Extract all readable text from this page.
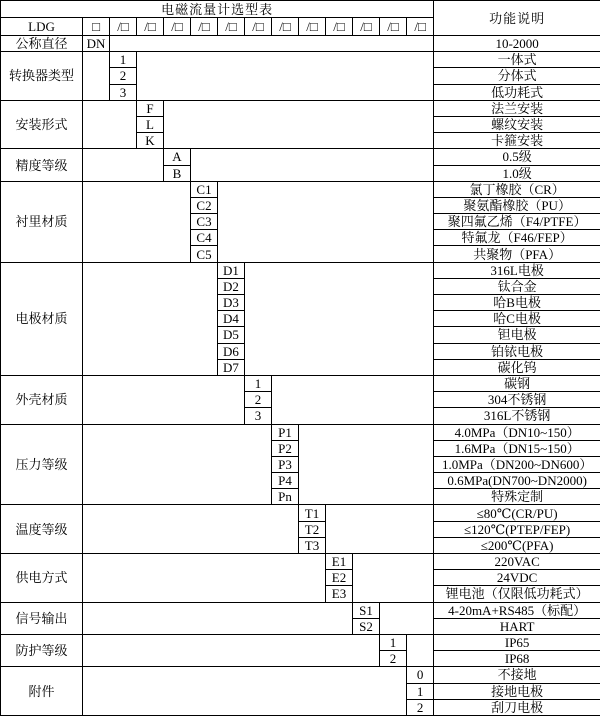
电磁流量计选型表														功能说明
LDG	□	/□	/□	/□	/□	/□	/□	/□	/□	/□	/□	/□	/□	
公称直径	DN													10-2000
转换器类型		1												一体式
		2												分体式
		3												低功耗式
安装形式			F											法兰安装
			L											螺纹安装
			K											卡箍安装
精度等级				A										0.5级
				B										1.0级
衬里材质					C1									氯丁橡胶（CR）
					C2									聚氨酯橡胶（PU）
					C3									聚四氟乙烯（F4/PTFE）
					C4									特氟龙（F46/FEP）
					C5									共聚物（PFA）
电极材质						D1								316L电极
						D2								钛合金
						D3								哈B电极
						D4								哈C电极
						D5								钽电极
						D6								铂铱电极
						D7								碳化钨
外壳材质							1							碳钢
							2							304不锈钢
							3							316L不锈钢
压力等级								P1						4.0MPa（DN10~150）
								P2						1.6MPa（DN15~150）
								P3						1.0MPa（DN200~DN600）
								P4						0.6MPa(DN700~DN2000)
								Pn						特殊定制
温度等级									T1					≤80℃(CR/PU)
									T2					≤120℃(PTEP/FEP)
									T3					≤200℃(PFA)
供电方式										E1				220VAC
										E2				24VDC
										E3				锂电池（仅限低功耗式）
信号输出											S1			4-20mA+RS485（标配）
											S2			HART
防护等级												1		IP65
												2		IP68
附件													0	不接地
													1	接地电极
													2	刮刀电极
